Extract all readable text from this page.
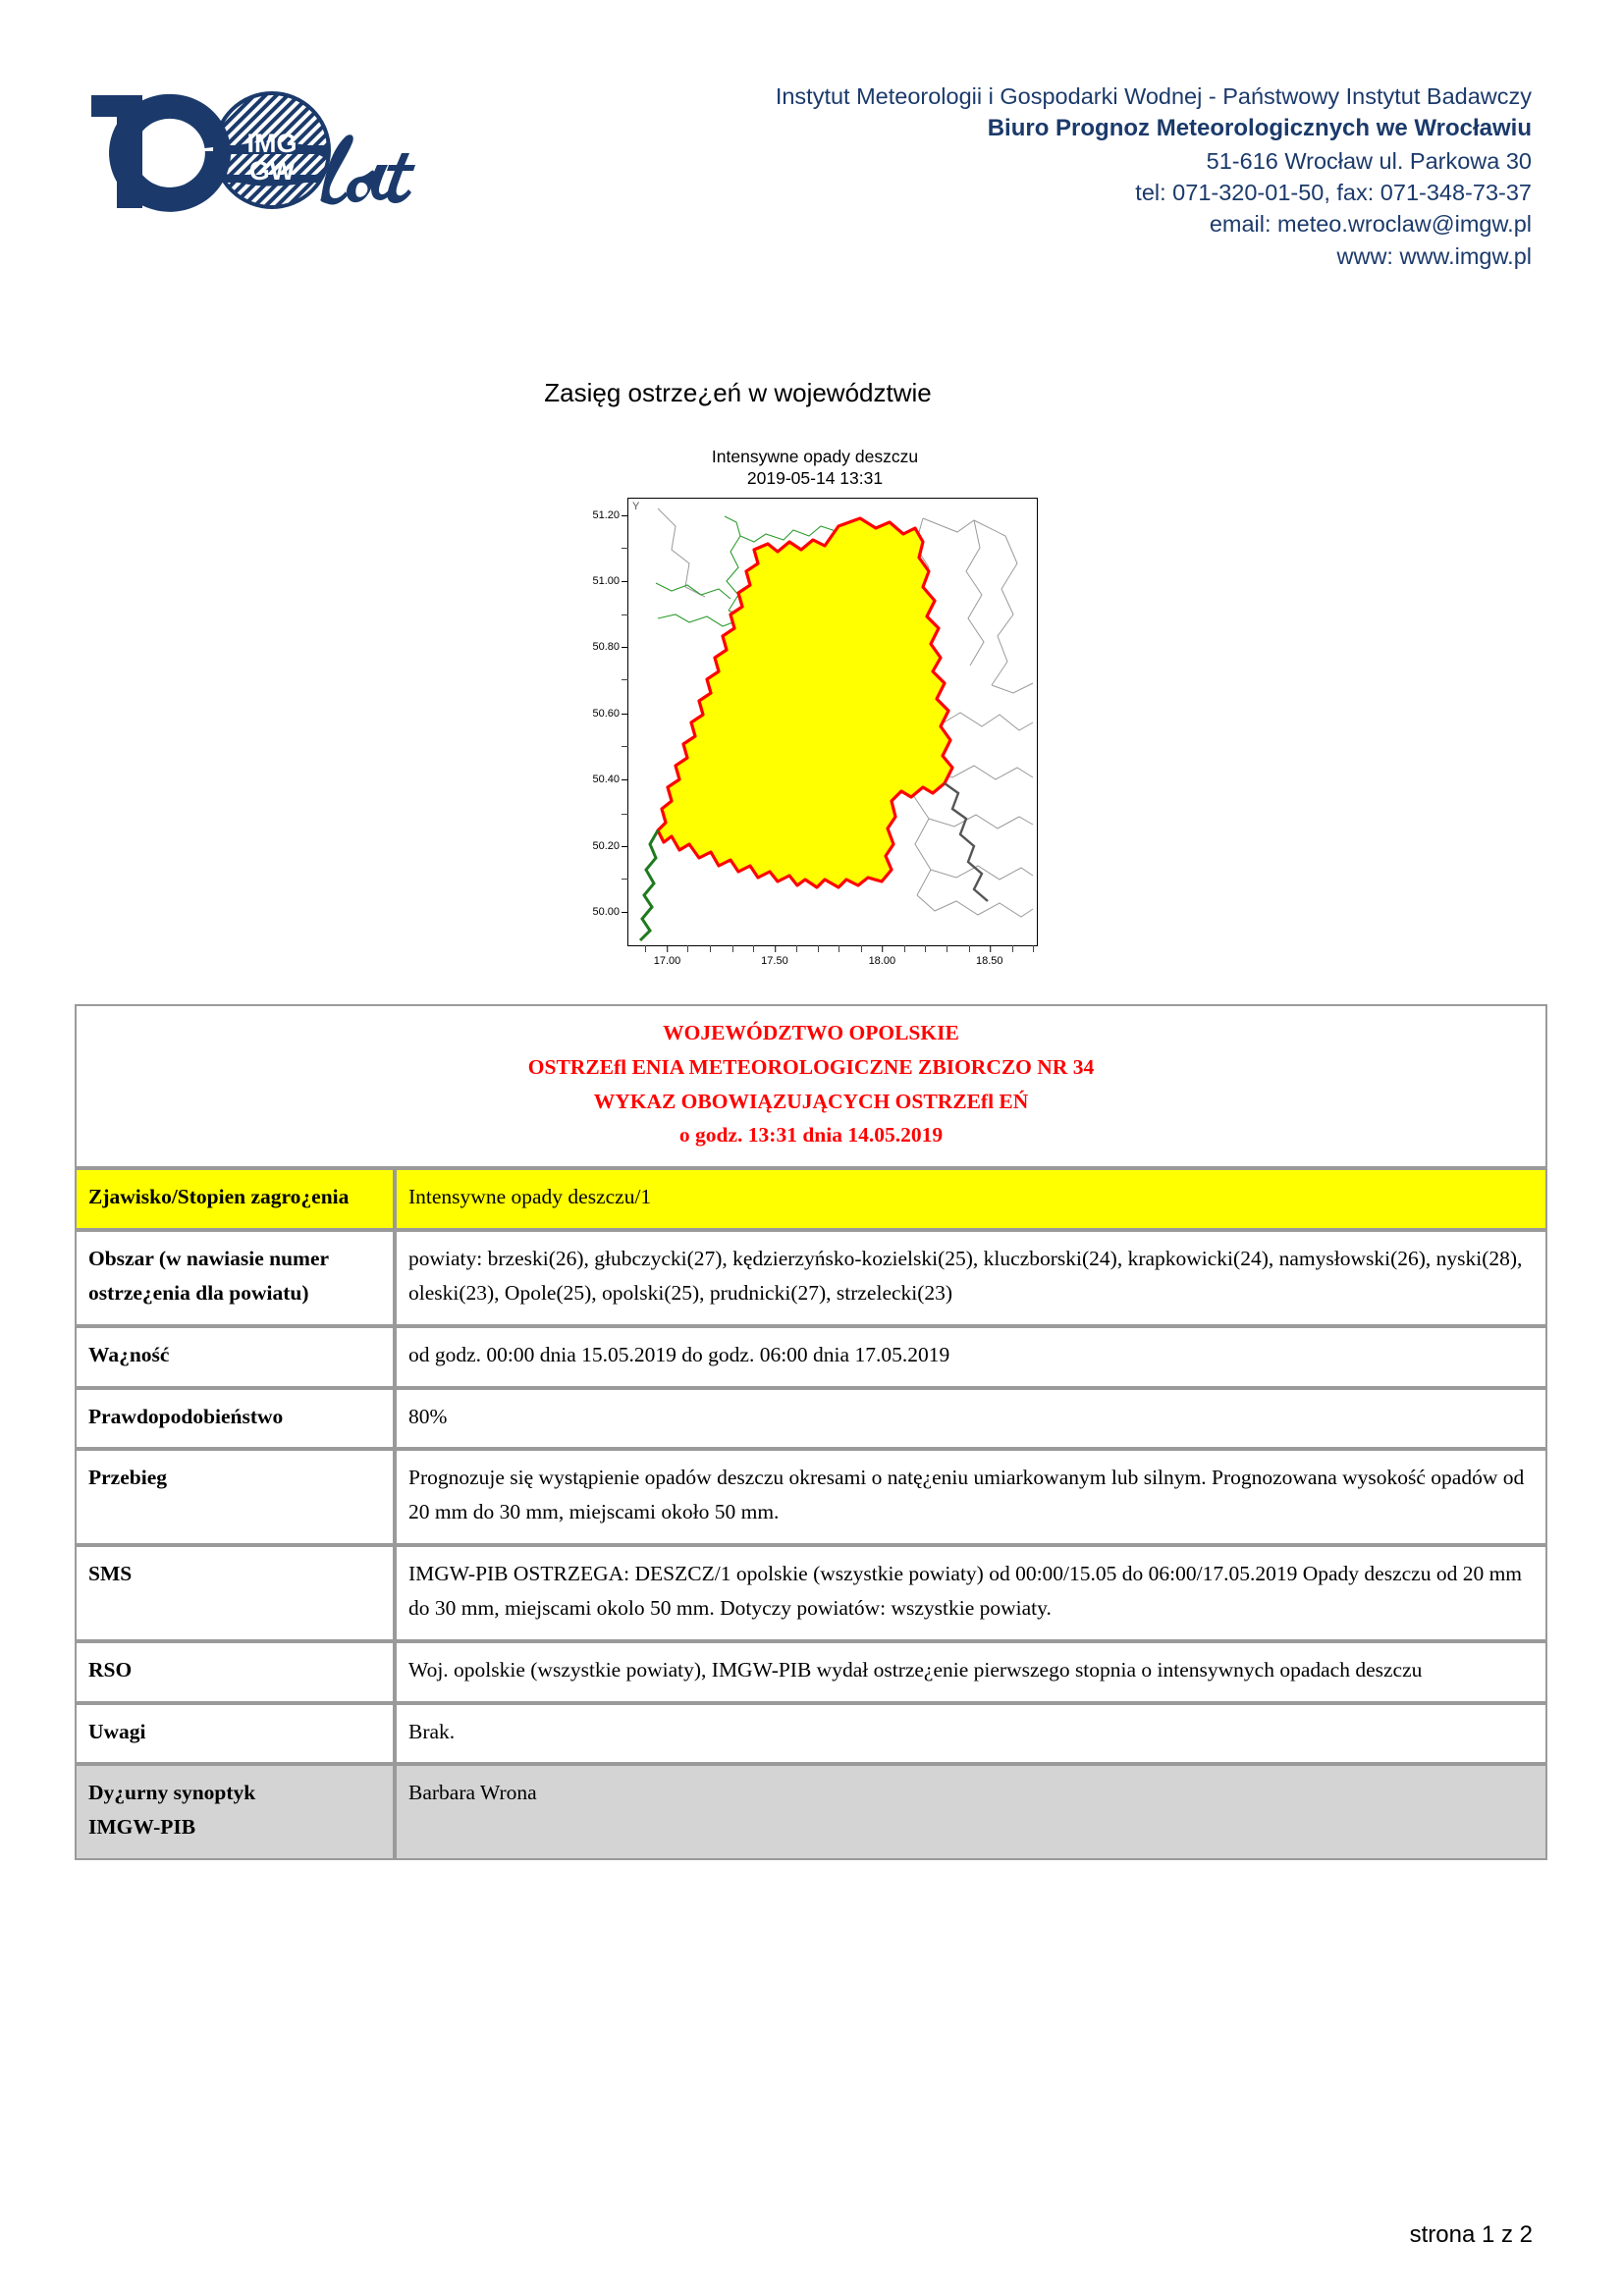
IMG
GW
Instytut Meteorologii i Gospodarki Wodnej - Państwowy Instytut Badawczy
Biuro Prognoz Meteorologicznych we Wrocławiu
51-616 Wrocław ul. Parkowa 30
tel: 071-320-01-50, fax: 071-348-73-37
email: meteo.wroclaw@imgw.pl
www: www.imgw.pl
Zasięg ostrze¿eń w województwie
Intensywne opady deszczu
2019-05-14 13:31
Y
51.20
51.00
50.80
50.60
50.40
50.20
50.00
17.00	17.50	18.00	18.50
WOJEWÓDZTWO OPOLSKIE
OSTRZEfl ENIA METEOROLOGICZNE ZBIORCZO NR 34
WYKAZ OBOWIĄZUJĄCYCH OSTRZEfl EŃ
o godz. 13:31 dnia 14.05.2019	

Zjawisko/Stopien zagro¿enia	Intensywne opady deszczu/1

Obszar (w nawiasie numer
ostrze¿enia dla powiatu)	powiaty: brzeski(26), głubczycki(27), kędzierzyńsko-kozielski(25), kluczborski(24), krapkowicki(24), namysłowski(26), nyski(28), oleski(23), Opole(25), opolski(25), prudnicki(27), strzelecki(23)
Wa¿ność	od godz. 00:00 dnia 15.05.2019 do godz. 06:00 dnia 17.05.2019
Prawdopodobieństwo	80%
Przebieg	Prognozuje się wystąpienie opadów deszczu okresami o natę¿eniu umiarkowanym lub silnym. Prognozowana wysokość opadów od 20 mm do 30 mm, miejscami około 50 mm.
SMS	IMGW-PIB OSTRZEGA: DESZCZ/1 opolskie (wszystkie powiaty) od 00:00/15.05 do 06:00/17.05.2019 Opady deszczu od 20 mm do 30 mm, miejscami okolo 50 mm. Dotyczy powiatów: wszystkie powiaty.
RSO	Woj. opolskie (wszystkie powiaty), IMGW-PIB wydał ostrze¿enie pierwszego stopnia o intensywnych opadach deszczu
Uwagi	Brak.

Dy¿urny synoptyk
IMGW-PIB	Barbara Wrona
strona 1 z 2
